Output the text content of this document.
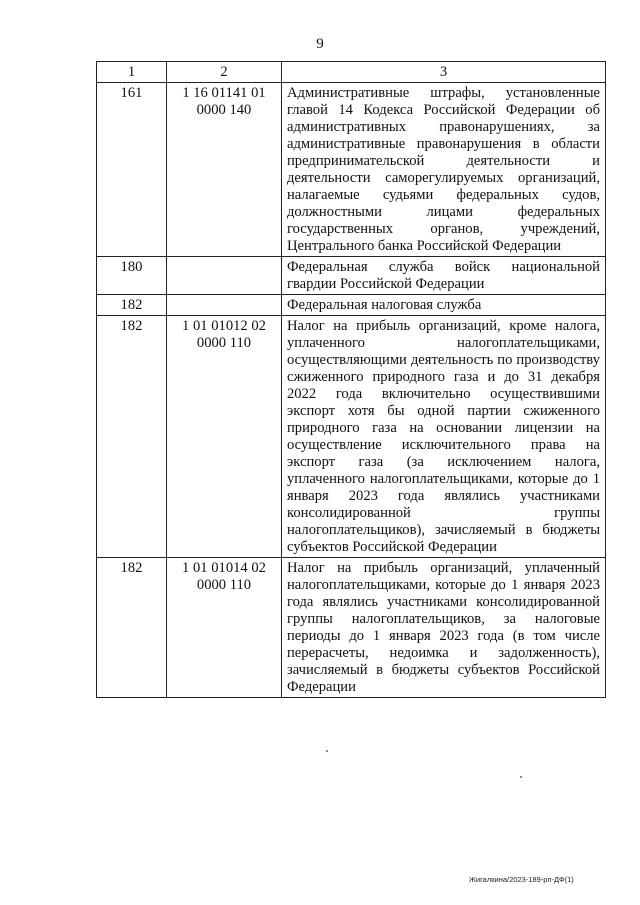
9
1	2	3
161	1 16 01141 01 0000 140	Административные штрафы, установленные главой 14 Кодекса Российской Федерации об административных правонарушениях, за административные правонарушения в области предпринимательской деятельности и деятельности саморегулируемых организаций, налагаемые судьями федеральных судов, должностными лицами федеральных государственных органов, учреждений, Центрального банка Российской Федерации
180		Федеральная служба войск национальной гвардии Российской Федерации
182		Федеральная налоговая служба
182	1 01 01012 02 0000 110	Налог на прибыль организаций, кроме налога, уплаченного налогоплательщиками, осуществляющими деятельность по производству сжиженного природного газа и до 31 декабря 2022 года включительно осуществившими экспорт хотя бы одной партии сжиженного природного газа на основании лицензии на осуществление исключительного права на экспорт газа (за исключением налога, уплаченного налогоплательщиками, которые до 1 января 2023 года являлись участниками консолидированной группы налогоплательщиков), зачисляемый в бюджеты субъектов Российской Федерации
182	1 01 01014 02 0000 110	Налог на прибыль организаций, уплаченный налогоплательщиками, которые до 1 января 2023 года являлись участниками консолидированной группы налогоплательщиков, за налоговые периоды до 1 января 2023 года (в том числе перерасчеты, недоимка и задолженность), зачисляемый в бюджеты субъектов Российской Федерации
Жигалкина/2023-189-рп-ДФ(1)
